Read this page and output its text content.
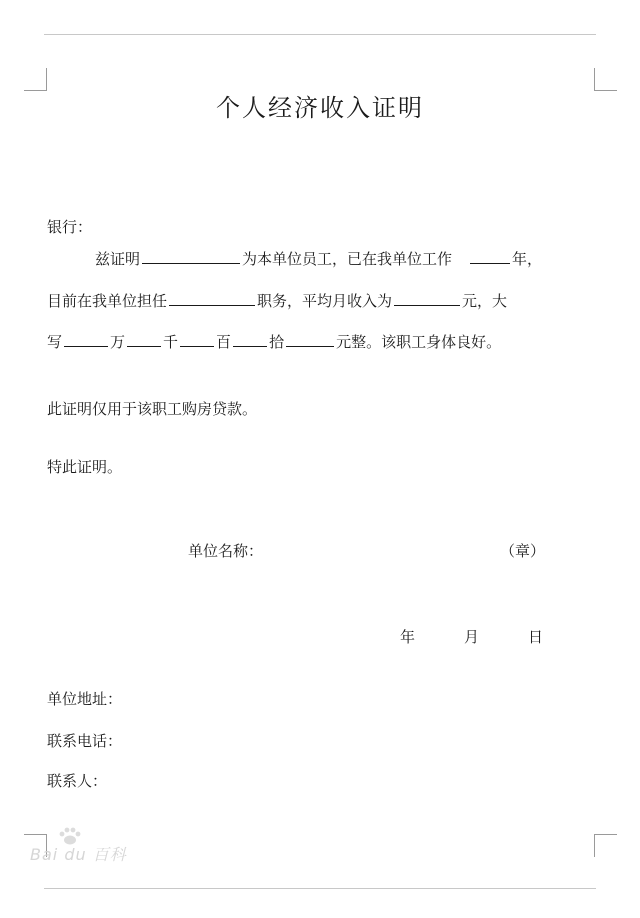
个人经济收入证明
银行：
兹证明	为本单位员工，已在我单位工作	年，
目前在我单位担任	职务，平均月收入为	元，大
写	万	千	百	拾	元整。该职工身体良好。
此证明仅用于该职工购房贷款。
特此证明。
单位名称：	（章）
年	月	日
单位地址：
联系电话：
联系人：
Bai du 百科
